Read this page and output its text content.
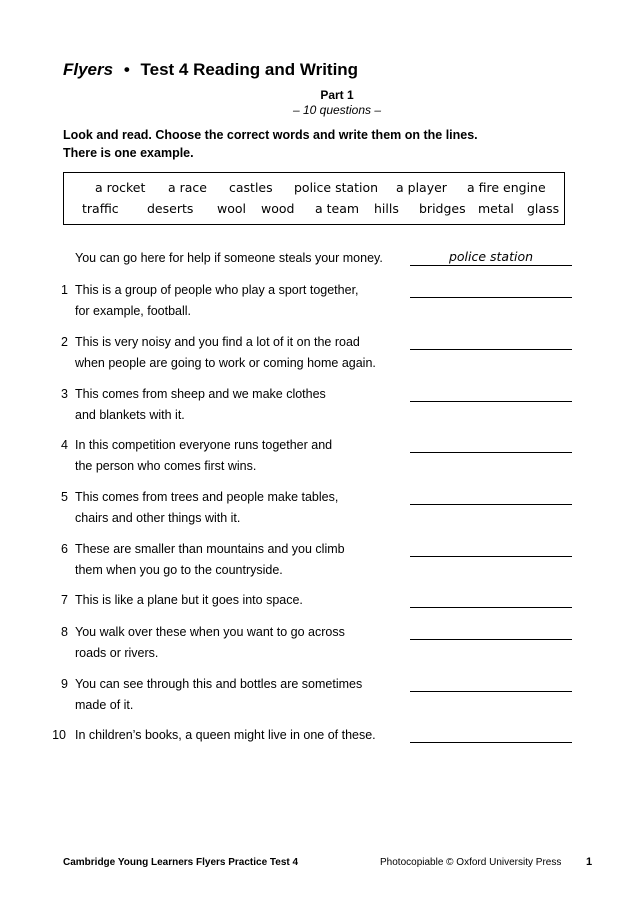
Flyers • Test 4 Reading and Writing
Part 1
– 10 questions –
Look and read. Choose the correct words and write them on the lines.
There is one example.
a rocket a race castles police station a player a fire engine
traffic deserts wool wood a team hills bridges metal glass
You can go here for help if someone steals your money.	police station
1 This is a group of people who play a sport together,
for example, football.
2 This is very noisy and you find a lot of it on the road
when people are going to work or coming home again.
3 This comes from sheep and we make clothes
and blankets with it.
4 In this competition everyone runs together and
the person who comes first wins.
5 This comes from trees and people make tables,
chairs and other things with it.
6 These are smaller than mountains and you climb
them when you go to the countryside.
7 This is like a plane but it goes into space.
8 You walk over these when you want to go across
roads or rivers.
9 You can see through this and bottles are sometimes
made of it.
10 In children’s books, a queen might live in one of these.
Cambridge Young Learners Flyers Practice Test 4	Photocopiable © Oxford University Press 1
